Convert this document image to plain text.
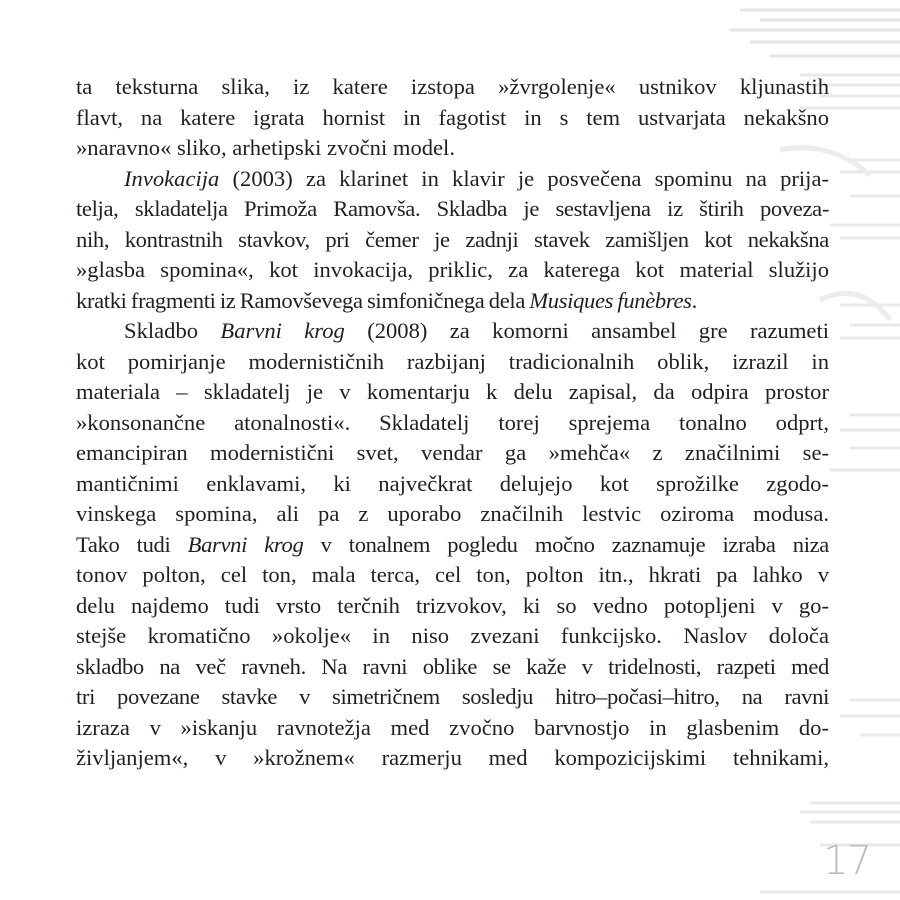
ta teksturna slika, iz katere izstopa »žvrgolenje« ustnikov kljunastih
flavt, na katere igrata hornist in fagotist in s tem ustvarjata nekakšno
»naravno« sliko, arhetipski zvočni model.
Invokacija (2003) za klarinet in klavir je posvečena spominu na prija-
telja, skladatelja Primoža Ramovša. Skladba je sestavljena iz štirih poveza-
nih, kontrastnih stavkov, pri čemer je zadnji stavek zamišljen kot nekakšna
»glasba spomina«, kot invokacija, priklic, za katerega kot material služijo
kratki fragmenti iz Ramovševega simfoničnega dela Musiques funèbres.
Skladbo Barvni krog (2008) za komorni ansambel gre razumeti
kot pomirjanje modernističnih razbijanj tradicionalnih oblik, izrazil in
materiala – skladatelj je v komentarju k delu zapisal, da odpira prostor
»konsonančne atonalnosti«. Skladatelj torej sprejema tonalno odprt,
emancipiran modernistični svet, vendar ga »mehča« z značilnimi se-
mantičnimi enklavami, ki največkrat delujejo kot sprožilke zgodo-
vinskega spomina, ali pa z uporabo značilnih lestvic oziroma modusa.
Tako tudi Barvni krog v tonalnem pogledu močno zaznamuje izraba niza
tonov polton, cel ton, mala terca, cel ton, polton itn., hkrati pa lahko v
delu najdemo tudi vrsto terčnih trizvokov, ki so vedno potopljeni v go-
stejše kromatično »okolje« in niso zvezani funkcijsko. Naslov določa
skladbo na več ravneh. Na ravni oblike se kaže v tridelnosti, razpeti med
tri povezane stavke v simetričnem sosledju hitro–počasi–hitro, na ravni
izraza v »iskanju ravnotežja med zvočno barvnostjo in glasbenim do-
življanjem«, v »krožnem« razmerju med kompozicijskimi tehnikami,
17
